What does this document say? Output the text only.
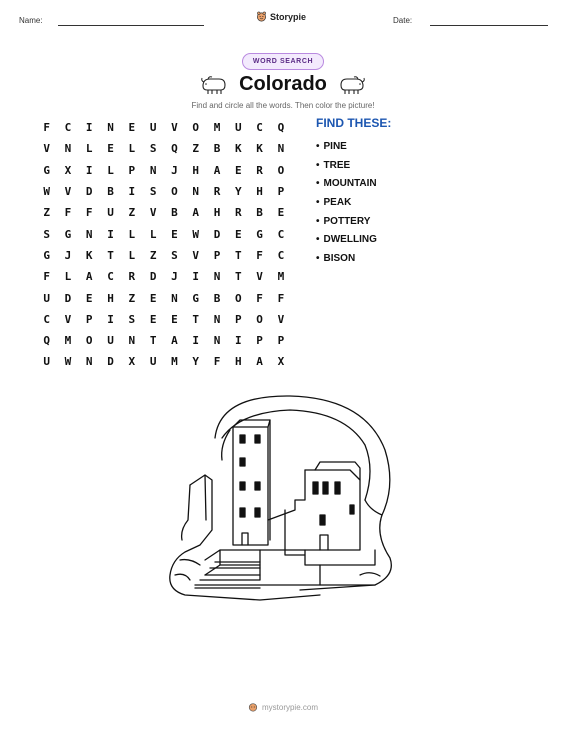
Name:	Storypie	Date:
WORD SEARCH
Colorado
Find and circle all the words. Then color the picture!
F	C	I	N	E	U	V	O	M	U	C	Q
V	N	L	E	L	S	Q	Z	B	K	K	N
G	X	I	L	P	N	J	H	A	E	R	O
W	V	D	B	I	S	O	N	R	Y	H	P
Z	F	F	U	Z	V	B	A	H	R	B	E
S	G	N	I	L	L	E	W	D	E	G	C
G	J	K	T	L	Z	S	V	P	T	F	C
F	L	A	C	R	D	J	I	N	T	V	M
U	D	E	H	Z	E	N	G	B	O	F	F
C	V	P	I	S	E	E	T	N	P	O	V
Q	M	O	U	N	T	A	I	N	I	P	P
U	W	N	D	X	U	M	Y	F	H	A	X
FIND THESE:
• PINE
• TREE
• MOUNTAIN
• PEAK
• POTTERY
• DWELLING
• BISON
mystorypie.com
